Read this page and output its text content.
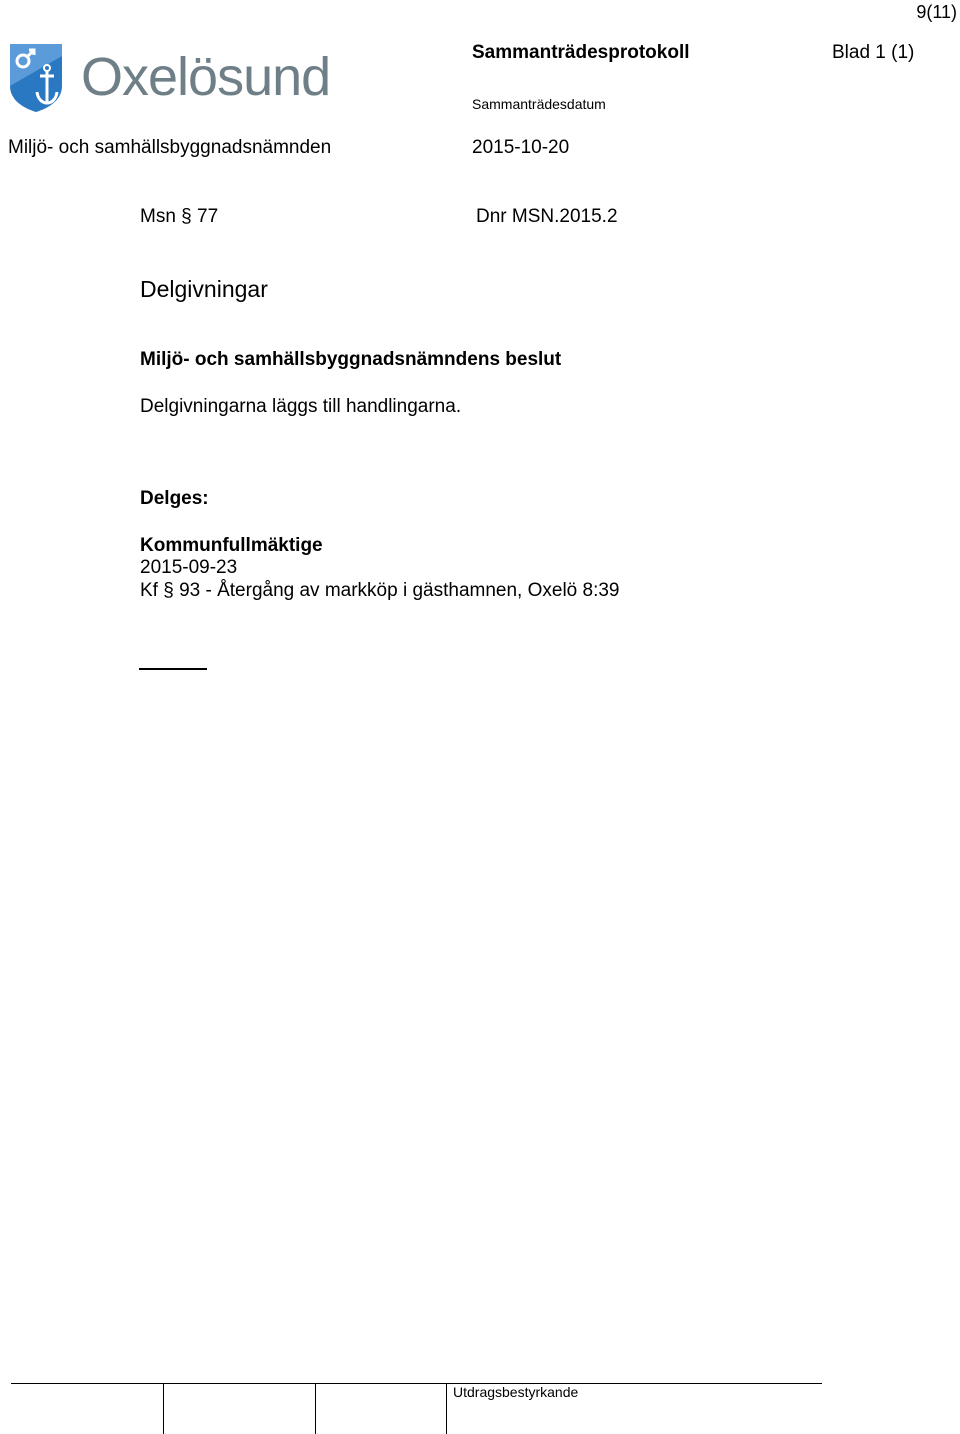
9(11)
Oxelösund	Sammanträdesprotokoll	Blad 1 (1)
Sammanträdesdatum
Miljö- och samhällsbyggnadsnämnden	2015-10-20
Msn § 77	Dnr MSN.2015.2
Delgivningar
Miljö- och samhällsbyggnadsnämndens beslut
Delgivningarna läggs till handlingarna.
Delges:
Kommunfullmäktige
2015-09-23
Kf § 93 - Återgång av markköp i gästhamnen, Oxelö 8:39
Utdragsbestyrkande
